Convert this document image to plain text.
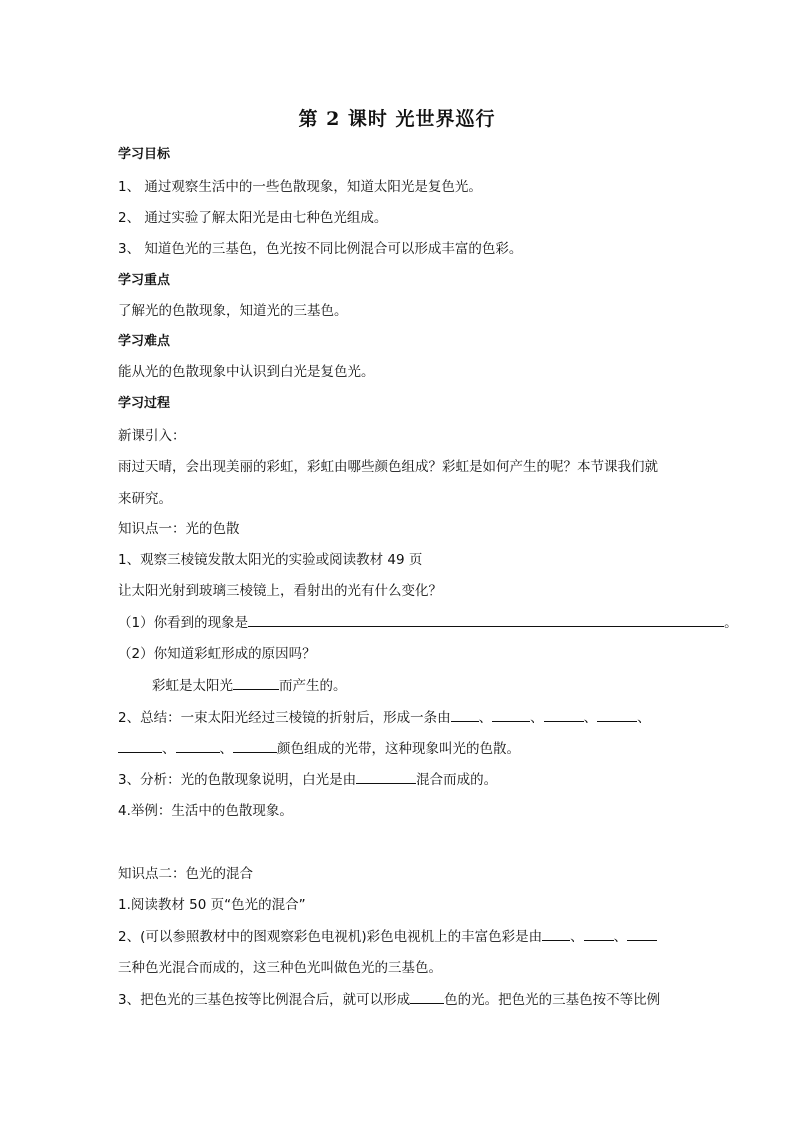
第 2 课时 光世界巡行
学习目标
1、 通过观察生活中的一些色散现象，知道太阳光是复色光。
2、 通过实验了解太阳光是由七种色光组成。
3、 知道色光的三基色，色光按不同比例混合可以形成丰富的色彩。
学习重点
了解光的色散现象，知道光的三基色。
学习难点
能从光的色散现象中认识到白光是复色光。
学习过程
新课引入：
雨过天晴，会出现美丽的彩虹，彩虹由哪些颜色组成？彩虹是如何产生的呢？本节课我们就
来研究。
知识点一：光的色散
1、观察三棱镜发散太阳光的实验或阅读教材 49 页
让太阳光射到玻璃三棱镜上，看射出的光有什么变化？
（1）你看到的现象是	。
（2）你知道彩虹形成的原因吗？
彩虹是太阳光	而产生的。
2、总结：一束太阳光经过三棱镜的折射后，形成一条由 、	、	、	、
、	、	颜色组成的光带，这种现象叫光的色散。
3、分析：光的色散现象说明，白光是由	混合而成的。
4.举例：生活中的色散现象。
知识点二：色光的混合
1.阅读教材 50 页“色光的混合”
2、(可以参照教材中的图观察彩色电视机)彩色电视机上的丰富色彩是由 、 、
三种色光混合而成的，这三种色光叫做色光的三基色。
3、把色光的三基色按等比例混合后，就可以形成	色的光。把色光的三基色按不等比例
